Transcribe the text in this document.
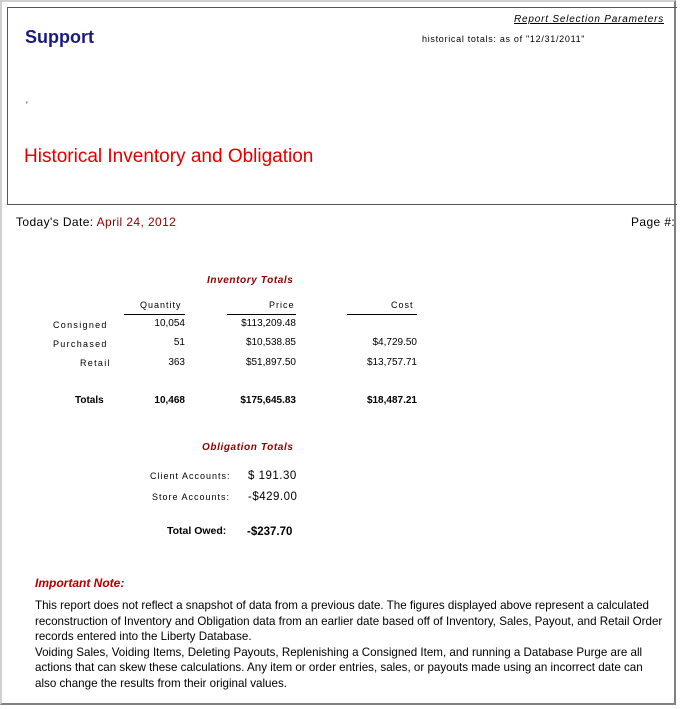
Support
Report Selection Parameters
historical totals: as of "12/31/2011"
'
Historical Inventory and Obligation
Today's Date: April 24, 2012	Page #:
Inventory Totals
Quantity	Price	Cost
Consigned	10,054	$113,209.48
Purchased	51	$10,538.85	$4,729.50
Retail	363	$51,897.50	$13,757.71
Totals	10,468	$175,645.83	$18,487.21
Obligation Totals
Client Accounts: $ 191.30
Store Accounts: -$429.00
Total Owed: -$237.70
Important Note:

This report does not reflect a snapshot of data from a previous date. The figures displayed above represent a calculated reconstruction of Inventory and Obligation data from an earlier date based off of Inventory, Sales, Payout, and Retail Order records entered into the Liberty Database.

Voiding Sales, Voiding Items, Deleting Payouts, Replenishing a Consigned Item, and running a Database Purge are all actions that can skew these calculations. Any item or order entries, sales, or payouts made using an incorrect date can also change the results from their original values.
